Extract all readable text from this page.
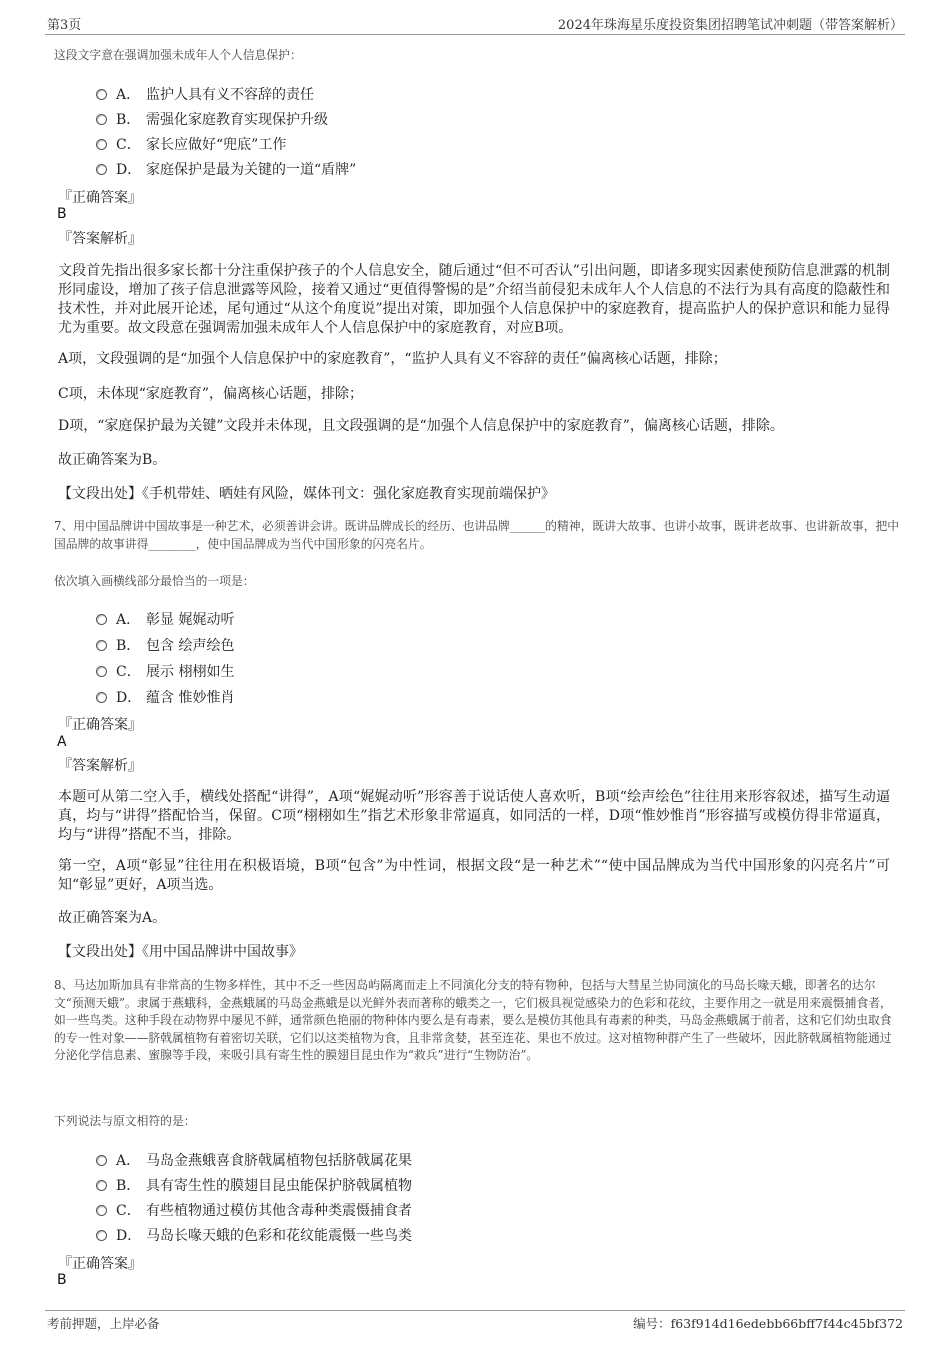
第3页	2024年珠海星乐度投资集团招聘笔试冲刺题（带答案解析）
这段文字意在强调加强未成年人个人信息保护：
A． 监护人具有义不容辞的责任
B． 需强化家庭教育实现保护升级
C． 家长应做好“兜底”工作
D． 家庭保护是最为关键的一道“盾牌”
『正确答案』
B
『答案解析』
文段首先指出很多家长都十分注重保护孩子的个人信息安全，随后通过“但不可否认”引出问题，即诸多现实因素使预防信息泄露的机制形同虚设，增加了孩子信息泄露等风险，接着又通过“更值得警惕的是”介绍当前侵犯未成年人个人信息的不法行为具有高度的隐蔽性和技术性，并对此展开论述，尾句通过“从这个角度说”提出对策，即加强个人信息保护中的家庭教育，提高监护人的保护意识和能力显得尤为重要。故文段意在强调需加强未成年人个人信息保护中的家庭教育，对应B项。
A项，文段强调的是“加强个人信息保护中的家庭教育”，“监护人具有义不容辞的责任”偏离核心话题，排除；
C项，未体现“家庭教育”，偏离核心话题，排除；
D项，“家庭保护最为关键”文段并未体现，且文段强调的是“加强个人信息保护中的家庭教育”，偏离核心话题，排除。
故正确答案为B。
【文段出处】《手机带娃、晒娃有风险，媒体刊文：强化家庭教育实现前端保护》
7、用中国品牌讲中国故事是一种艺术，必须善讲会讲。既讲品牌成长的经历、也讲品牌______的精神，既讲大故事、也讲小故事，既讲老故事、也讲新故事，把中国品牌的故事讲得________，使中国品牌成为当代中国形象的闪亮名片。
依次填入画横线部分最恰当的一项是：
A． 彰显 娓娓动听
B． 包含 绘声绘色
C． 展示 栩栩如生
D． 蕴含 惟妙惟肖
『正确答案』
A
『答案解析』
本题可从第二空入手，横线处搭配“讲得”，A项“娓娓动听”形容善于说话使人喜欢听，B项“绘声绘色”往往用来形容叙述，描写生动逼真，均与“讲得”搭配恰当，保留。C项“栩栩如生”指艺术形象非常逼真，如同活的一样，D项“惟妙惟肖”形容描写或模仿得非常逼真，均与“讲得”搭配不当，排除。
第一空，A项“彰显”往往用在积极语境，B项“包含”为中性词，根据文段“是一种艺术”“使中国品牌成为当代中国形象的闪亮名片”可知“彰显”更好，A项当选。
故正确答案为A。
【文段出处】《用中国品牌讲中国故事》
8、马达加斯加具有非常高的生物多样性，其中不乏一些因岛屿隔离而走上不同演化分支的特有物种，包括与大彗星兰协同演化的马岛长喙天蛾，即著名的达尔文“预测天蛾”。隶属于燕蛾科，金燕蛾属的马岛金燕蛾是以光鲜外表而著称的蛾类之一，它们极具视觉感染力的色彩和花纹，主要作用之一就是用来震慑捕食者，如一些鸟类。这种手段在动物界中屡见不鲜，通常颜色艳丽的物种体内要么是有毒素，要么是模仿其他具有毒素的种类，马岛金燕蛾属于前者，这和它们幼虫取食的专一性对象——脐戟属植物有着密切关联，它们以这类植物为食，且非常贪婪，甚至连花、果也不放过。这对植物种群产生了一些破坏，因此脐戟属植物能通过分泌化学信息素、蜜腺等手段，来吸引具有寄生性的膜翅目昆虫作为“救兵”进行“生物防治”。
下列说法与原文相符的是：
A． 马岛金燕蛾喜食脐戟属植物包括脐戟属花果
B． 具有寄生性的膜翅目昆虫能保护脐戟属植物
C． 有些植物通过模仿其他含毒种类震慑捕食者
D． 马岛长喙天蛾的色彩和花纹能震慑一些鸟类
『正确答案』
B
考前押题，上岸必备	编号：f63f914d16edebb66bff7f44c45bf372
